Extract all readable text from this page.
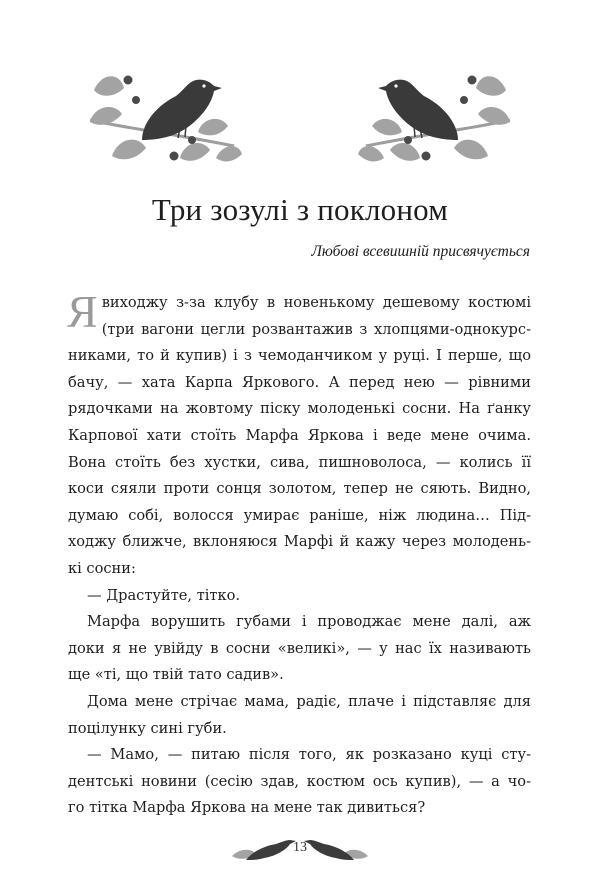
Три зозулі з поклоном
Любові всевишній присвячується

Я виходжу з-за клубу в новенькому дешевому костюмі
(три вагони цегли розвантажив з хлопцями-однокурс-
никами, то й купив) і з чемоданчиком у руці. І перше, що
бачу, — хата Карпа Яркового. А перед нею — рівними
рядочками на жовтому піску молоденькі сосни. На ґанку
Карпової хати стоїть Марфа Яркова і веде мене очима.
Вона стоїть без хустки, сива, пишноволоса, — колись її
коси сяяли проти сонця золотом, тепер не сяють. Видно,
думаю собі, волосся умирає раніше, ніж людина… Під-
ходжу ближче, вклоняюся Марфі й кажу через молодень-
кі сосни:

— Драстуйте, тітко.

Марфа ворушить губами і проводжає мене далі, аж
доки я не увійду в сосни «великі», — у нас їх називають
ще «ті, що твій тато садив».

Дома мене стрічає мама, радіє, плаче і підставляє для
поцілунку сині губи.

— Мамо, — питаю після того, як розказано куці сту-
дентські новини (сесію здав, костюм ось купив), — а чо-
го тітка Марфа Яркова на мене так дивиться?

13
